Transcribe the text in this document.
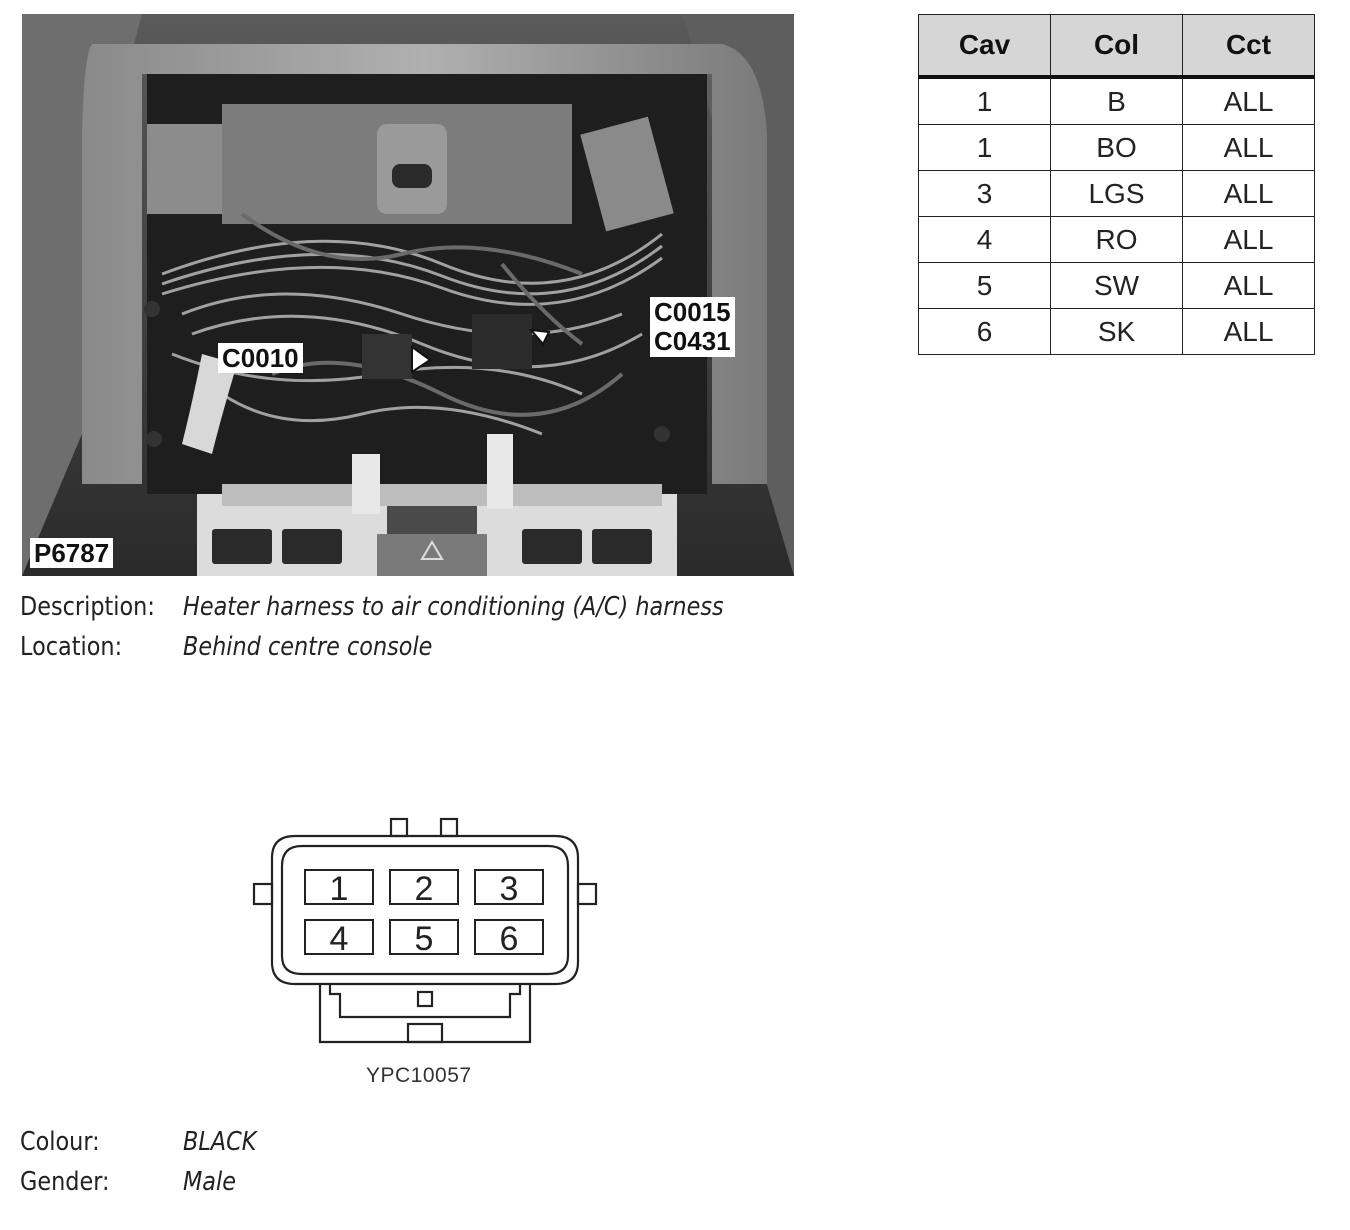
C0010
C0015
C0431
P6787
Description: Heater harness to air conditioning (A/C) harness
Location:	Behind centre console
Cav	Col	Cct
1	B	ALL
1	BO	ALL
3	LGS	ALL
4	RO	ALL
5	SW	ALL
6	SK	ALL
1 2 3
4 5 6
YPC10057
Colour:	BLACK
Gender:	Male
